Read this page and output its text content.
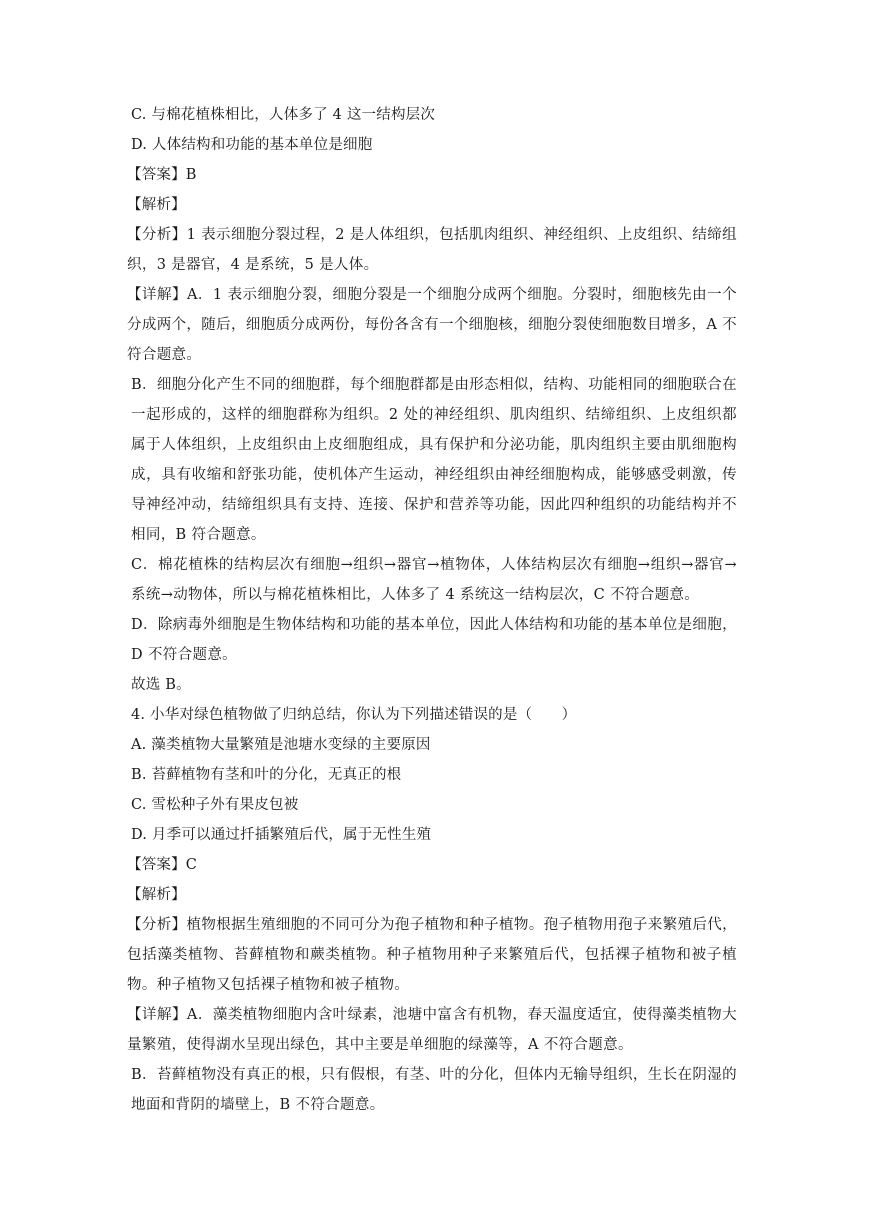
C. 与棉花植株相比，人体多了 4 这一结构层次
D. 人体结构和功能的基本单位是细胞
【答案】B
【解析】
【分析】1 表示细胞分裂过程，2 是人体组织，包括肌肉组织、神经组织、上皮组织、结缔组织，3 是器官，4 是系统，5 是人体。
【详解】A．1 表示细胞分裂，细胞分裂是一个细胞分成两个细胞。分裂时，细胞核先由一个分成两个，随后，细胞质分成两份，每份各含有一个细胞核，细胞分裂使细胞数目增多，A 不符合题意。
B．细胞分化产生不同的细胞群，每个细胞群都是由形态相似，结构、功能相同的细胞联合在一起形成的，这样的细胞群称为组织。2 处的神经组织、肌肉组织、结缔组织、上皮组织都属于人体组织，上皮组织由上皮细胞组成，具有保护和分泌功能，肌肉组织主要由肌细胞构成，具有收缩和舒张功能，使机体产生运动，神经组织由神经细胞构成，能够感受刺激，传导神经冲动，结缔组织具有支持、连接、保护和营养等功能，因此四种组织的功能结构并不相同，B 符合题意。
C．棉花植株的结构层次有细胞→组织→器官→植物体，人体结构层次有细胞→组织→器官→系统→动物体，所以与棉花植株相比，人体多了 4 系统这一结构层次，C 不符合题意。
D．除病毒外细胞是生物体结构和功能的基本单位，因此人体结构和功能的基本单位是细胞，D 不符合题意。
故选 B。
4. 小华对绿色植物做了归纳总结，你认为下列描述错误的是（　　）
A. 藻类植物大量繁殖是池塘水变绿的主要原因
B. 苔藓植物有茎和叶的分化，无真正的根
C. 雪松种子外有果皮包被
D. 月季可以通过扦插繁殖后代，属于无性生殖
【答案】C
【解析】
【分析】植物根据生殖细胞的不同可分为孢子植物和种子植物。孢子植物用孢子来繁殖后代，包括藻类植物、苔藓植物和蕨类植物。种子植物用种子来繁殖后代，包括裸子植物和被子植物。种子植物又包括裸子植物和被子植物。
【详解】A．藻类植物细胞内含叶绿素，池塘中富含有机物，春天温度适宜，使得藻类植物大量繁殖，使得湖水呈现出绿色，其中主要是单细胞的绿藻等，A 不符合题意。
B．苔藓植物没有真正的根，只有假根，有茎、叶的分化，但体内无输导组织，生长在阴湿的地面和背阴的墙壁上，B 不符合题意。
